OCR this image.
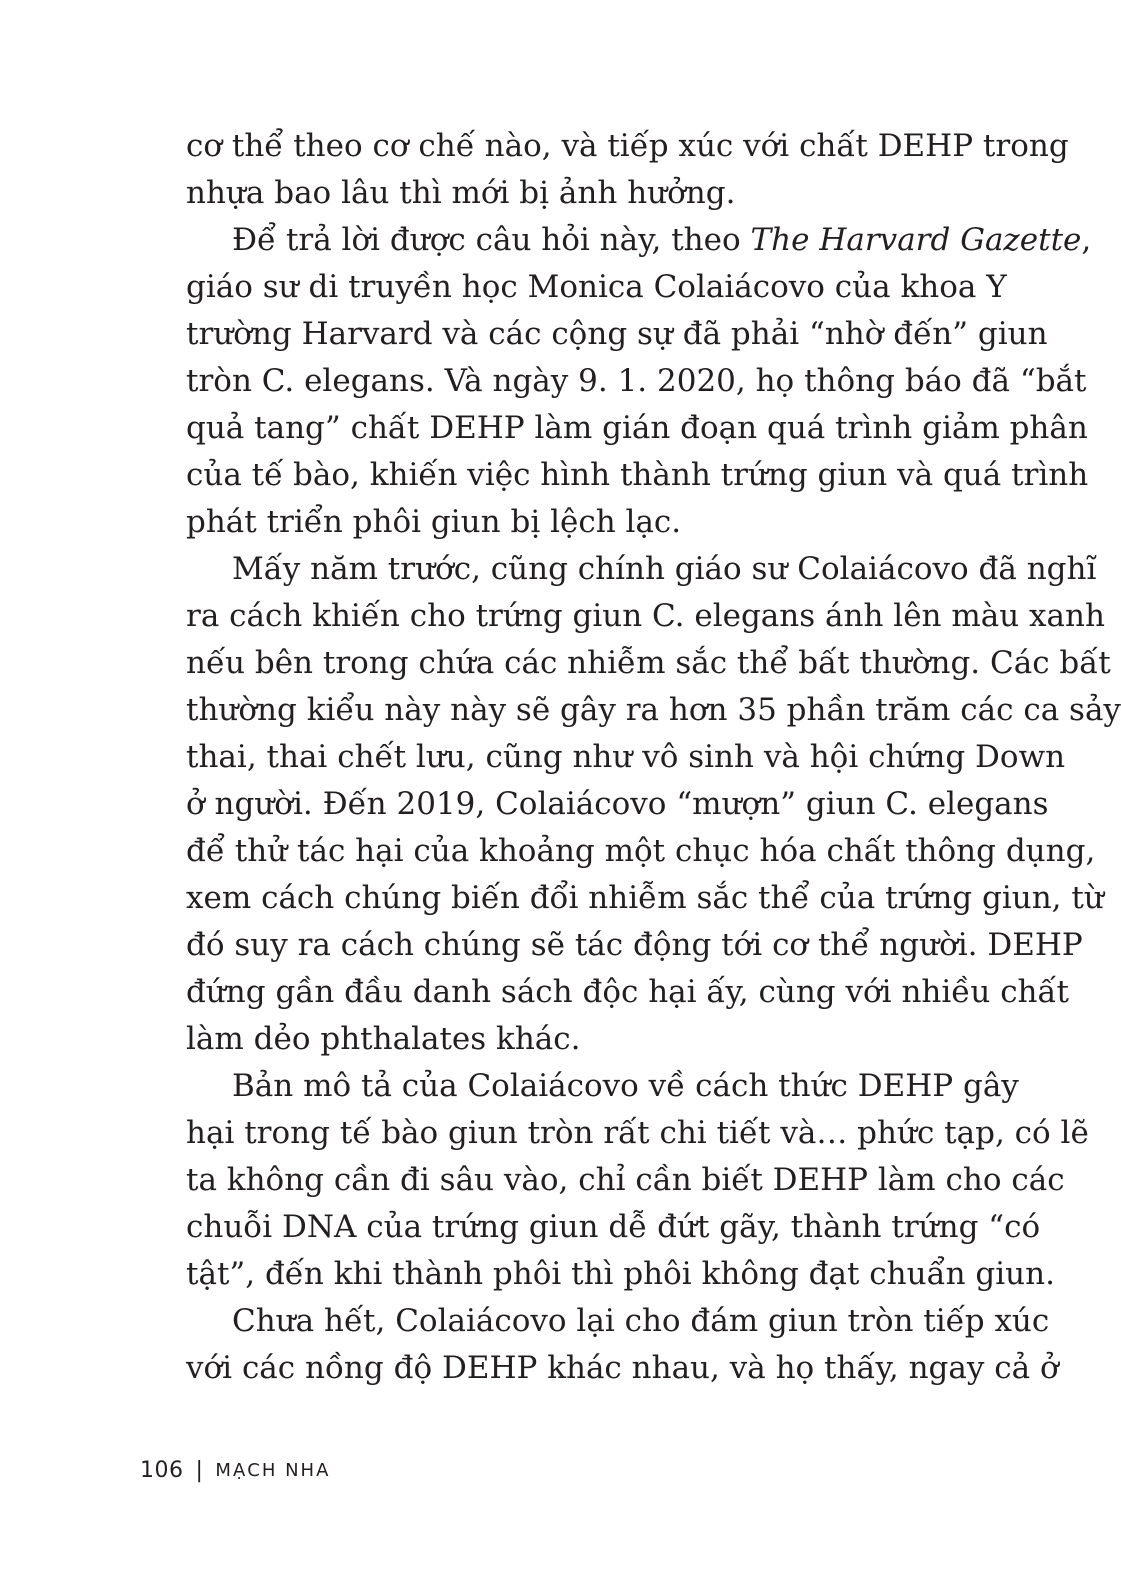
cơ thể theo cơ chế nào, và tiếp xúc với chất DEHP trong
nhựa bao lâu thì mới bị ảnh hưởng.
Để trả lời được câu hỏi này, theo The Harvard Gazette,
giáo sư di truyền học Monica Colaiácovo của khoa Y
trường Harvard và các cộng sự đã phải “nhờ đến” giun
tròn C. elegans. Và ngày 9. 1. 2020, họ thông báo đã “bắt
quả tang” chất DEHP làm gián đoạn quá trình giảm phân
của tế bào, khiến việc hình thành trứng giun và quá trình
phát triển phôi giun bị lệch lạc.
Mấy năm trước, cũng chính giáo sư Colaiácovo đã nghĩ
ra cách khiến cho trứng giun C. elegans ánh lên màu xanh
nếu bên trong chứa các nhiễm sắc thể bất thường. Các bất
thường kiểu này này sẽ gây ra hơn 35 phần trăm các ca sảy
thai, thai chết lưu, cũng như vô sinh và hội chứng Down
ở người. Đến 2019, Colaiácovo “mượn” giun C. elegans
để thử tác hại của khoảng một chục hóa chất thông dụng,
xem cách chúng biến đổi nhiễm sắc thể của trứng giun, từ
đó suy ra cách chúng sẽ tác động tới cơ thể người. DEHP
đứng gần đầu danh sách độc hại ấy, cùng với nhiều chất
làm dẻo phthalates khác.
Bản mô tả của Colaiácovo về cách thức DEHP gây
hại trong tế bào giun tròn rất chi tiết và… phức tạp, có lẽ
ta không cần đi sâu vào, chỉ cần biết DEHP làm cho các
chuỗi DNA của trứng giun dễ đứt gãy, thành trứng “có
tật”, đến khi thành phôi thì phôi không đạt chuẩn giun.
Chưa hết, Colaiácovo lại cho đám giun tròn tiếp xúc
với các nồng độ DEHP khác nhau, và họ thấy, ngay cả ở
106 | MẠCH NHA
